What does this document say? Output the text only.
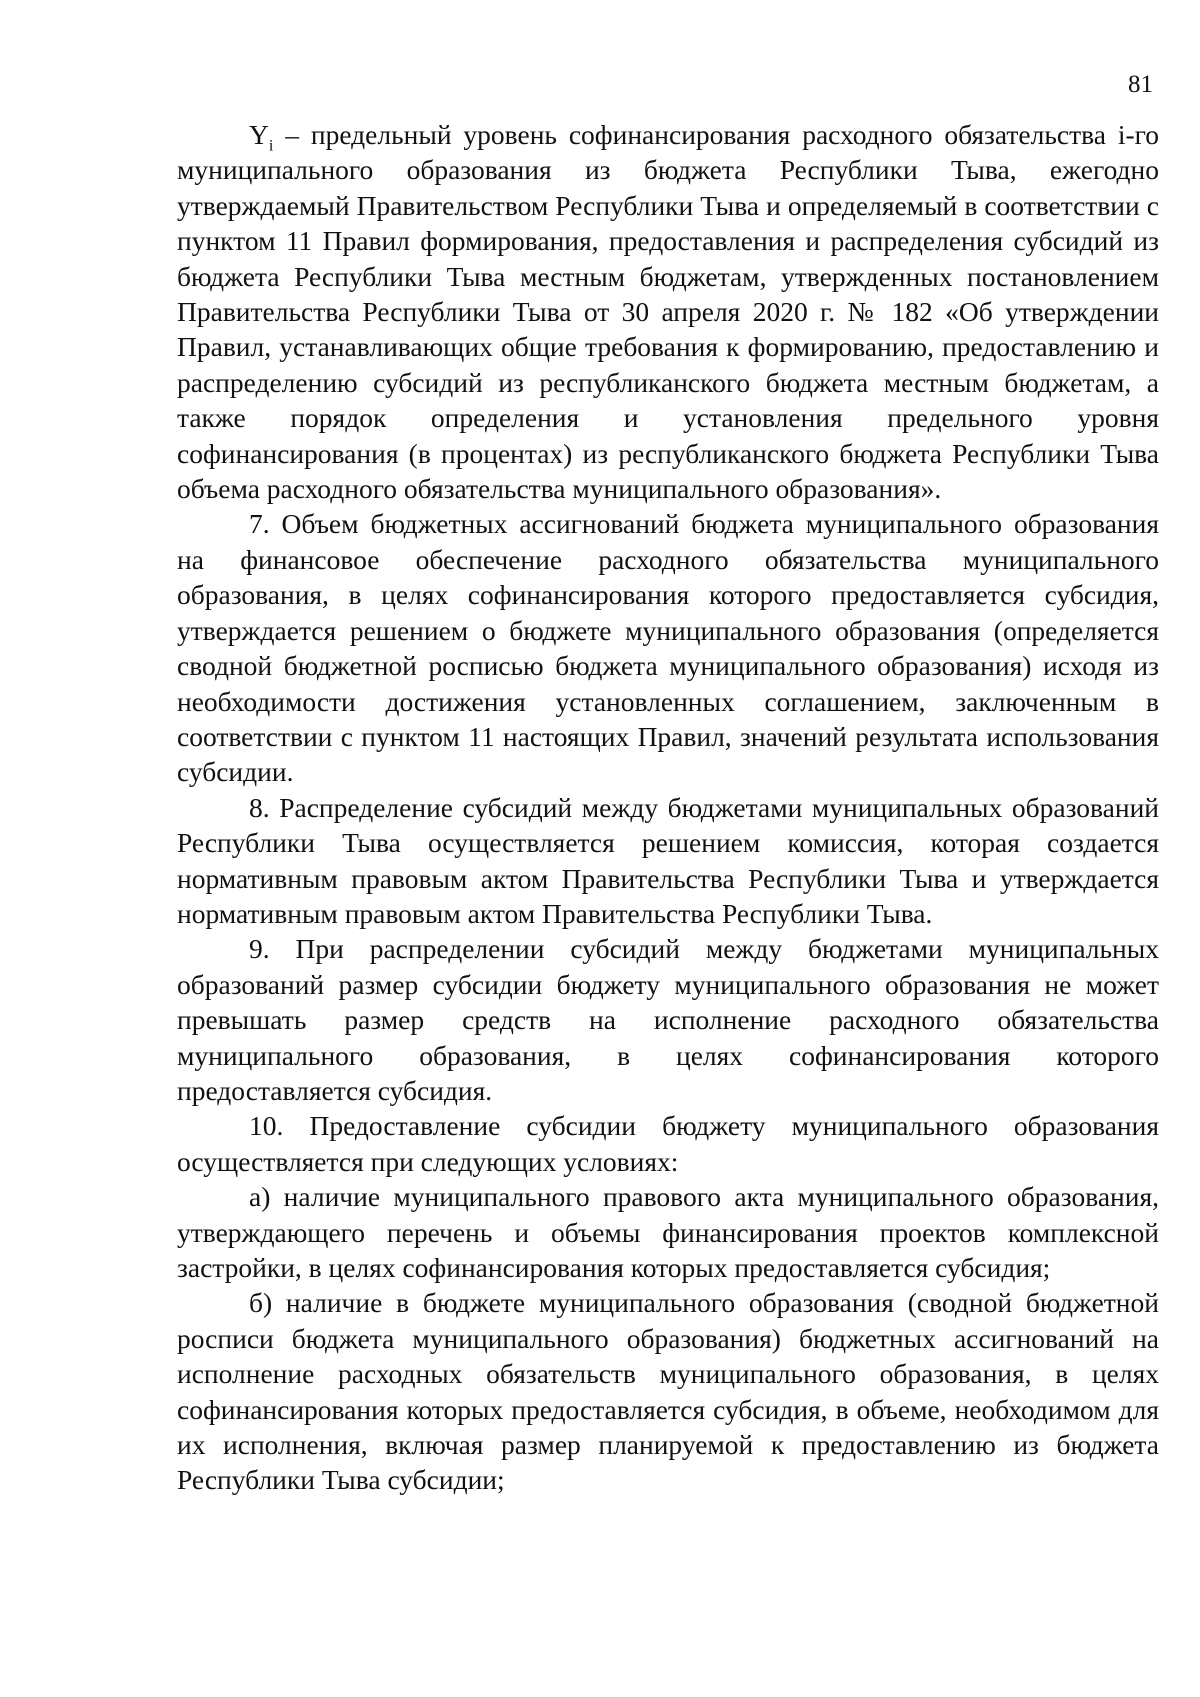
81

$Y_i$ – предельный уровень софинансирования расходного обязательства i-го муниципального образования из бюджета Республики Тыва, ежегодно утверждаемый Правительством Республики Тыва и определяемый в соответствии с пунктом 11 Правил формирования, предоставления и распределения субсидий из бюджета Республики Тыва местным бюджетам, утвержденных постановлением Правительства Республики Тыва от 30 апреля 2020 г. № 182 «Об утверждении Правил, устанавливающих общие требования к формированию, предоставлению и распределению субсидий из республиканского бюджета местным бюджетам, а также порядок определения и установления предельного уровня софинансирования (в процентах) из республиканского бюджета Республики Тыва объема расходного обязательства муниципального образования».

7. Объем бюджетных ассигнований бюджета муниципального образования на финансовое обеспечение расходного обязательства муниципального образования, в целях софинансирования которого предоставляется субсидия, утверждается решением о бюджете муниципального образования (определяется сводной бюджетной росписью бюджета муниципального образования) исходя из необходимости достижения установленных соглашением, заключенным в соответствии с пунктом 11 настоящих Правил, значений результата использования субсидии.

8. Распределение субсидий между бюджетами муниципальных образований Республики Тыва осуществляется решением комиссия, которая создается нормативным правовым актом Правительства Республики Тыва и утверждается нормативным правовым актом Правительства Республики Тыва.

9. При распределении субсидий между бюджетами муниципальных образований размер субсидии бюджету муниципального образования не может превышать размер средств на исполнение расходного обязательства муниципального образования, в целях софинансирования которого предоставляется субсидия.

10. Предоставление субсидии бюджету муниципального образования осуществляется при следующих условиях:

а) наличие муниципального правового акта муниципального образования, утверждающего перечень и объемы финансирования проектов комплексной застройки, в целях софинансирования которых предоставляется субсидия;

б) наличие в бюджете муниципального образования (сводной бюджетной росписи бюджета муниципального образования) бюджетных ассигнований на исполнение расходных обязательств муниципального образования, в целях софинансирования которых предоставляется субсидия, в объеме, необходимом для их исполнения, включая размер планируемой к предоставлению из бюджета Республики Тыва субсидии;
